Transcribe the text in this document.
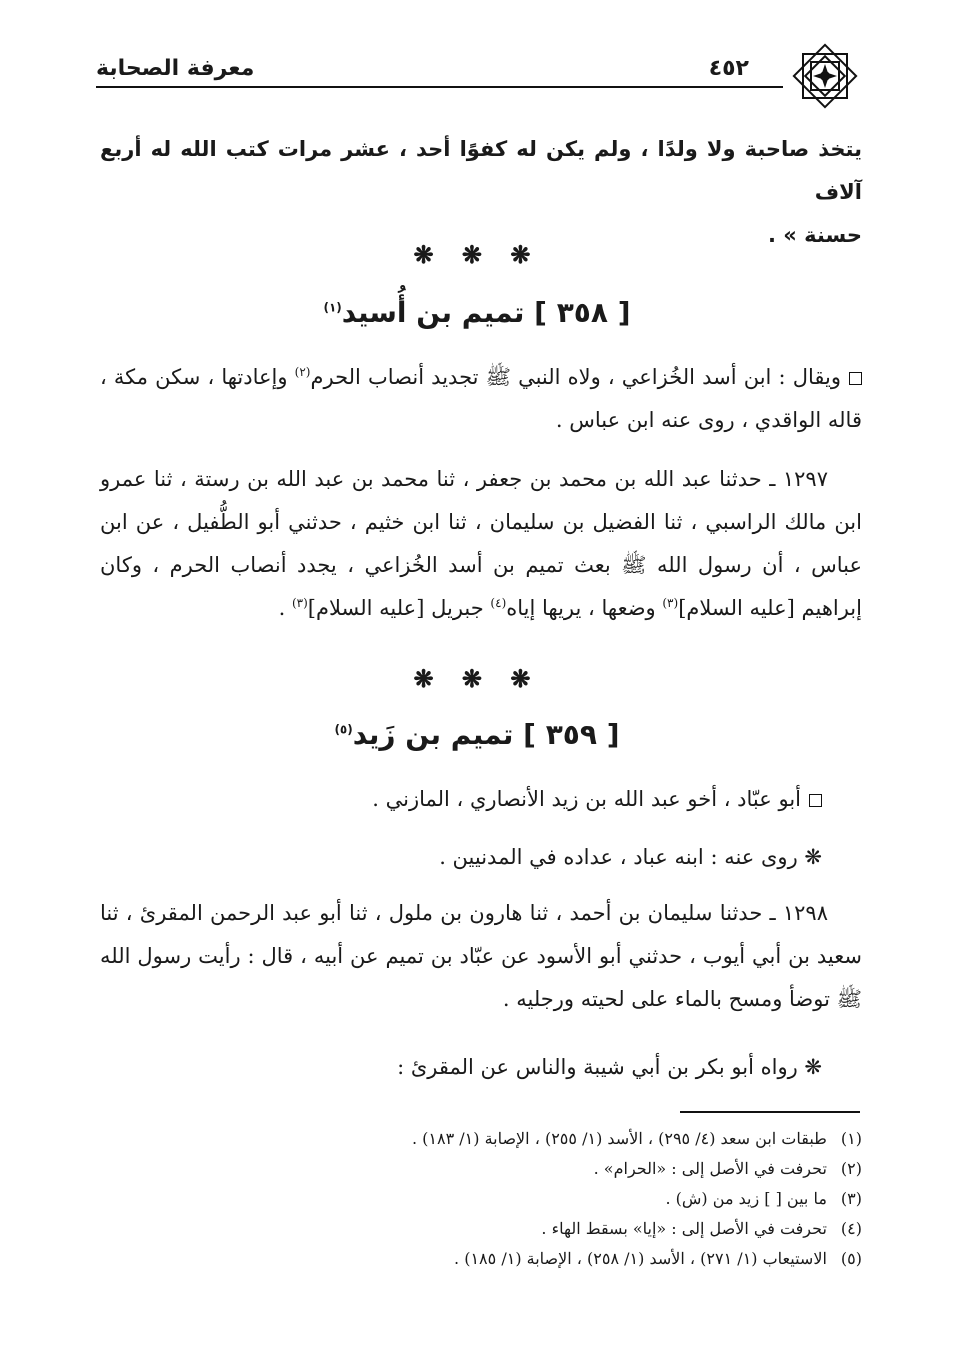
معرفة الصحابة	٤٥٢
يتخذ صاحبة ولا ولدًا ، ولم يكن له كفوًا أحد ، عشر مرات كتب الله له أربع آلاف
حسنة » .
❋ ❋ ❋
[ ٣٥٨ ] تميم بن أُسيد$^{(١)}$
ويقال : ابن أسد الخُزاعي ، ولاه النبي ﷺ تجديد أنصاب الحرم$^{(٢)}$ وإعادتها ، سكن مكة ، قاله الواقدي ، روى عنه ابن عباس .
١٢٩٧ ـ حدثنا عبد الله بن محمد بن جعفر ، ثنا محمد بن عبد الله بن رستة ، ثنا عمرو ابن مالك الراسبي ، ثنا الفضيل بن سليمان ، ثنا ابن خثيم ، حدثني أبو الطُّفيل ، عن ابن عباس ، أن رسول الله ﷺ بعث تميم بن أسد الخُزاعي ، يجدد أنصاب الحرم ، وكان إبراهيم [عليه السلام]$^{(٣)}$ وضعها ، يريها إياه$^{(٤)}$ جبريل [عليه السلام]$^{(٣)}$ .
❋ ❋ ❋
[ ٣٥٩ ] تميم بن زَيد$^{(٥)}$
أبو عبّاد ، أخو عبد الله بن زيد الأنصاري ، المازني .
❋ روى عنه : ابنه عباد ، عداده في المدنيين .
١٢٩٨ ـ حدثنا سليمان بن أحمد ، ثنا هارون بن ملول ، ثنا أبو عبد الرحمن المقرئ ، ثنا سعيد بن أبي أيوب ، حدثني أبو الأسود عن عبّاد بن تميم عن أبيه ، قال : رأيت رسول الله ﷺ توضأ ومسح بالماء على لحيته ورجليه .
❋ رواه أبو بكر بن أبي شيبة والناس عن المقرئ :
(١) طبقات ابن سعد (٤/ ٢٩٥) ، الأسد (١/ ٢٥٥) ، الإصابة (١/ ١٨٣) .
(٢) تحرفت في الأصل إلى : «الحرام» .
(٣) ما بين [ ] زيد من (ش) .
(٤) تحرفت في الأصل إلى : «إيا» بسقط الهاء .
(٥) الاستيعاب (١/ ٢٧١) ، الأسد (١/ ٢٥٨) ، الإصابة (١/ ١٨٥) .
